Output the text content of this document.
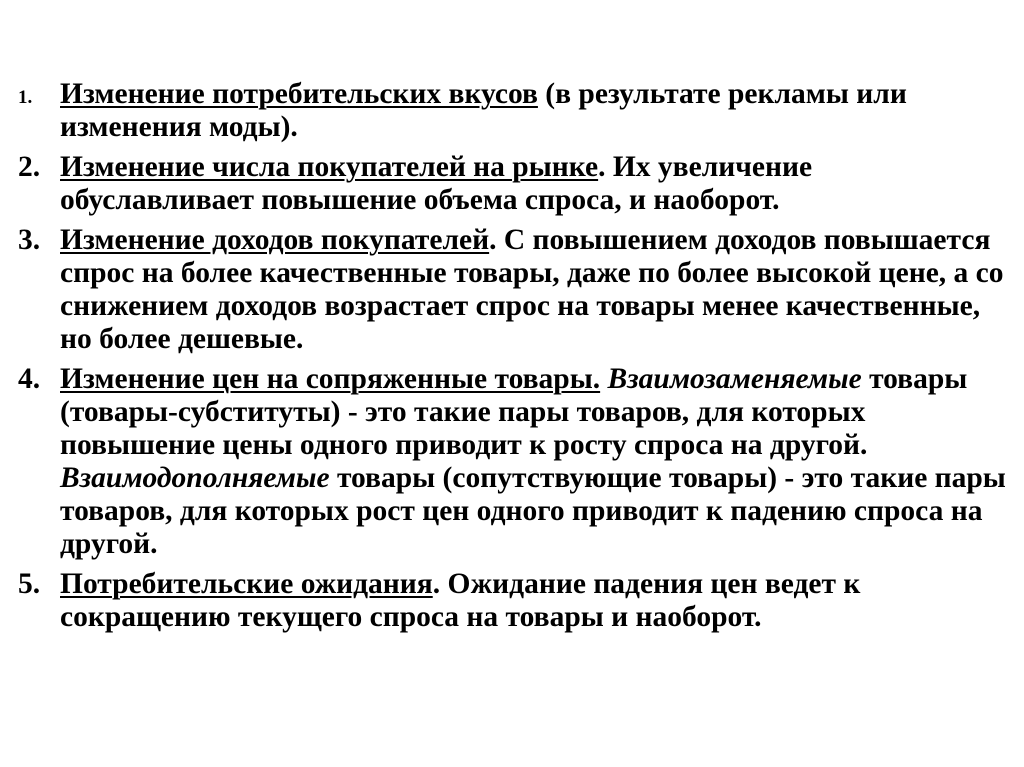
1. Изменение потребительских вкусов (в результате рекламы или изменения моды).
2. Изменение числа покупателей на рынке. Их увеличение обуславливает повышение объема спроса, и наоборот.
3. Изменение доходов покупателей. С повышением доходов повышается спрос на более качественные товары, даже по более высокой цене, а со снижением доходов возрастает спрос на товары менее качественные, но более дешевые.
4. Изменение цен на сопряженные товары. Взаимозаменяемые товары (товары-субституты) - это такие пары товаров, для которых повышение цены одного приводит к росту спроса на другой. Взаимодополняемые товары (сопутствующие товары) - это такие пары товаров, для которых рост цен одного приводит к падению спроса на другой.
5. Потребительские ожидания. Ожидание падения цен ведет к сокращению текущего спроса на товары и наоборот.
